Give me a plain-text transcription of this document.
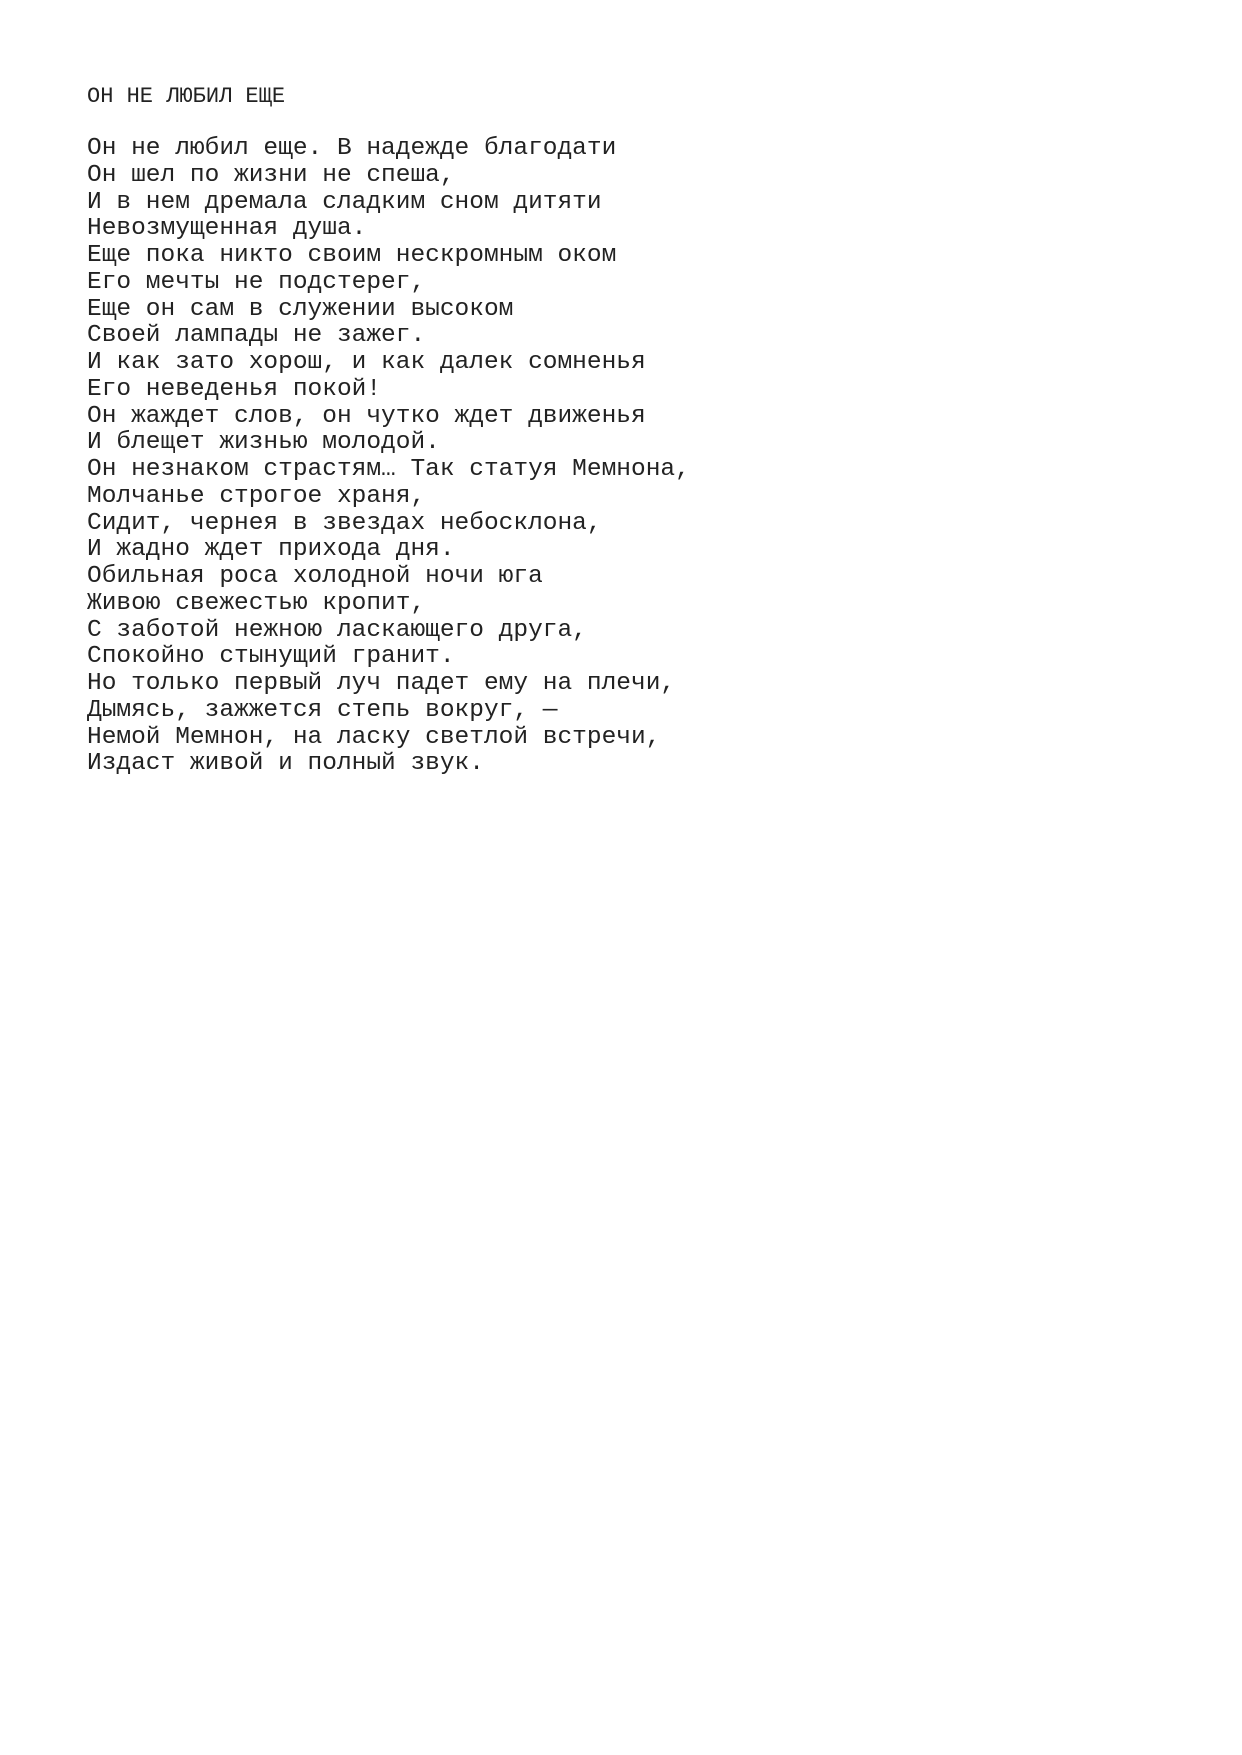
ОН НЕ ЛЮБИЛ ЕЩЕ
Он не любил еще. В надежде благодати
Он шел по жизни не спеша,
И в нем дремала сладким сном дитяти
Невозмущенная душа.
Еще пока никто своим нескромным оком
Его мечты не подстерег,
Еще он сам в служении высоком
Своей лампады не зажег.
И как зато хорош, и как далек сомненья
Его неведенья покой!
Он жаждет слов, он чутко ждет движенья
И блещет жизнью молодой.
Он незнаком страстям… Так статуя Мемнона,
Молчанье строгое храня,
Сидит, чернея в звездах небосклона,
И жадно ждет прихода дня.
Обильная роса холодной ночи юга
Живою свежестью кропит,
С заботой нежною ласкающего друга,
Спокойно стынущий гранит.
Но только первый луч падет ему на плечи,
Дымясь, зажжется степь вокруг, —
Немой Мемнон, на ласку светлой встречи,
Издаст живой и полный звук.
